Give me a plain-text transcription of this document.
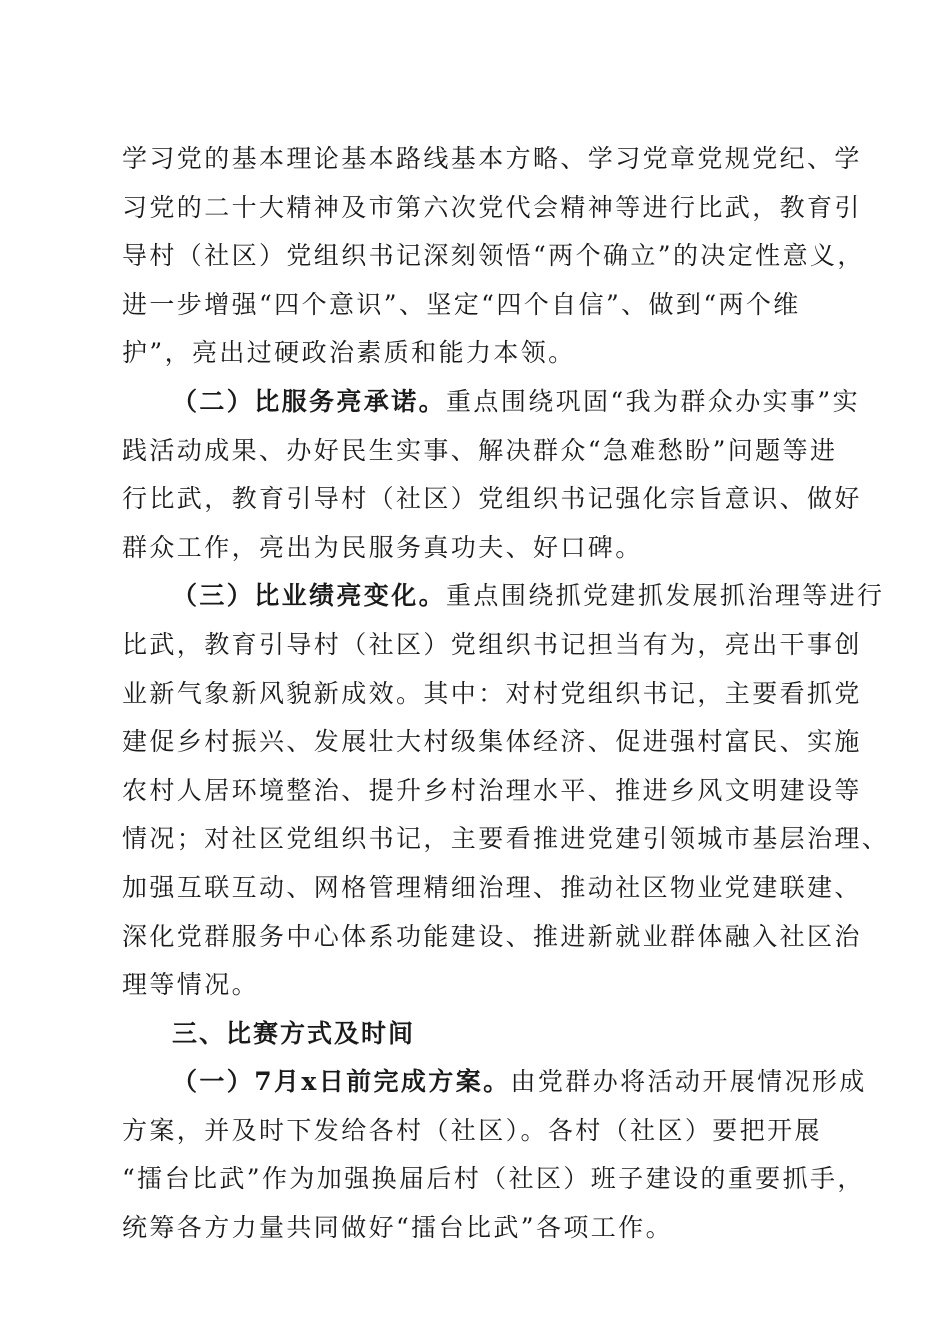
学习党的基本理论基本路线基本方略、学习党章党规党纪、学
习党的二十大精神及市第六次党代会精神等进行比武，教育引
导村（社区）党组织书记深刻领悟“两个确立”的决定性意义，
进一步增强“四个意识”、坚定“四个自信”、做到“两个维
护”，亮出过硬政治素质和能力本领。
（二）比服务亮承诺。重点围绕巩固“我为群众办实事”实
践活动成果、办好民生实事、解决群众“急难愁盼”问题等进
行比武，教育引导村（社区）党组织书记强化宗旨意识、做好
群众工作，亮出为民服务真功夫、好口碑。
（三）比业绩亮变化。重点围绕抓党建抓发展抓治理等进行
比武，教育引导村（社区）党组织书记担当有为，亮出干事创
业新气象新风貌新成效。其中：对村党组织书记，主要看抓党
建促乡村振兴、发展壮大村级集体经济、促进强村富民、实施
农村人居环境整治、提升乡村治理水平、推进乡风文明建设等
情况；对社区党组织书记，主要看推进党建引领城市基层治理、
加强互联互动、网格管理精细治理、推动社区物业党建联建、
深化党群服务中心体系功能建设、推进新就业群体融入社区治
理等情况。
三、比赛方式及时间
（一）7月x日前完成方案。由党群办将活动开展情况形成
方案，并及时下发给各村（社区）。各村（社区）要把开展
“擂台比武”作为加强换届后村（社区）班子建设的重要抓手，
统筹各方力量共同做好“擂台比武”各项工作。
